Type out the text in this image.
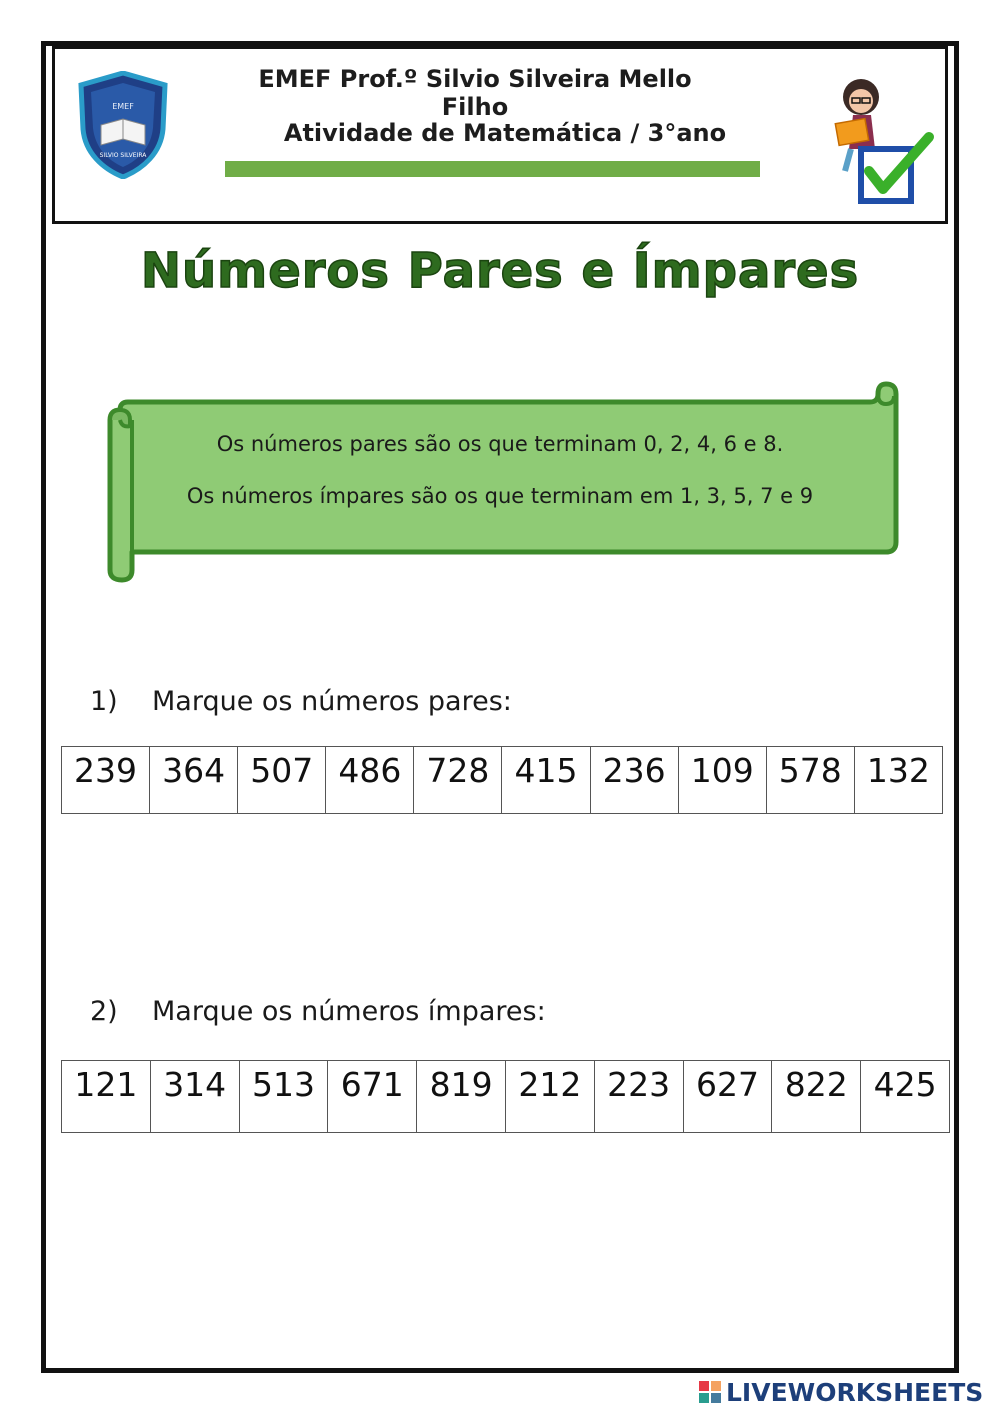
EMEF
SILVIO SILVEIRA
EMEF Prof.º Silvio Silveira Mello Filho
Atividade de Matemática / 3°ano
Números Pares e Ímpares
Os números pares são os que terminam 0, 2, 4, 6 e 8.
Os números ímpares são os que terminam em 1, 3, 5, 7 e 9
1) Marque os números pares:
239	364	507	486	728	415	236	109	578	132
2) Marque os números ímpares:
121	314	513	671	819	212	223	627	822	425
LIVEWORKSHEETS
